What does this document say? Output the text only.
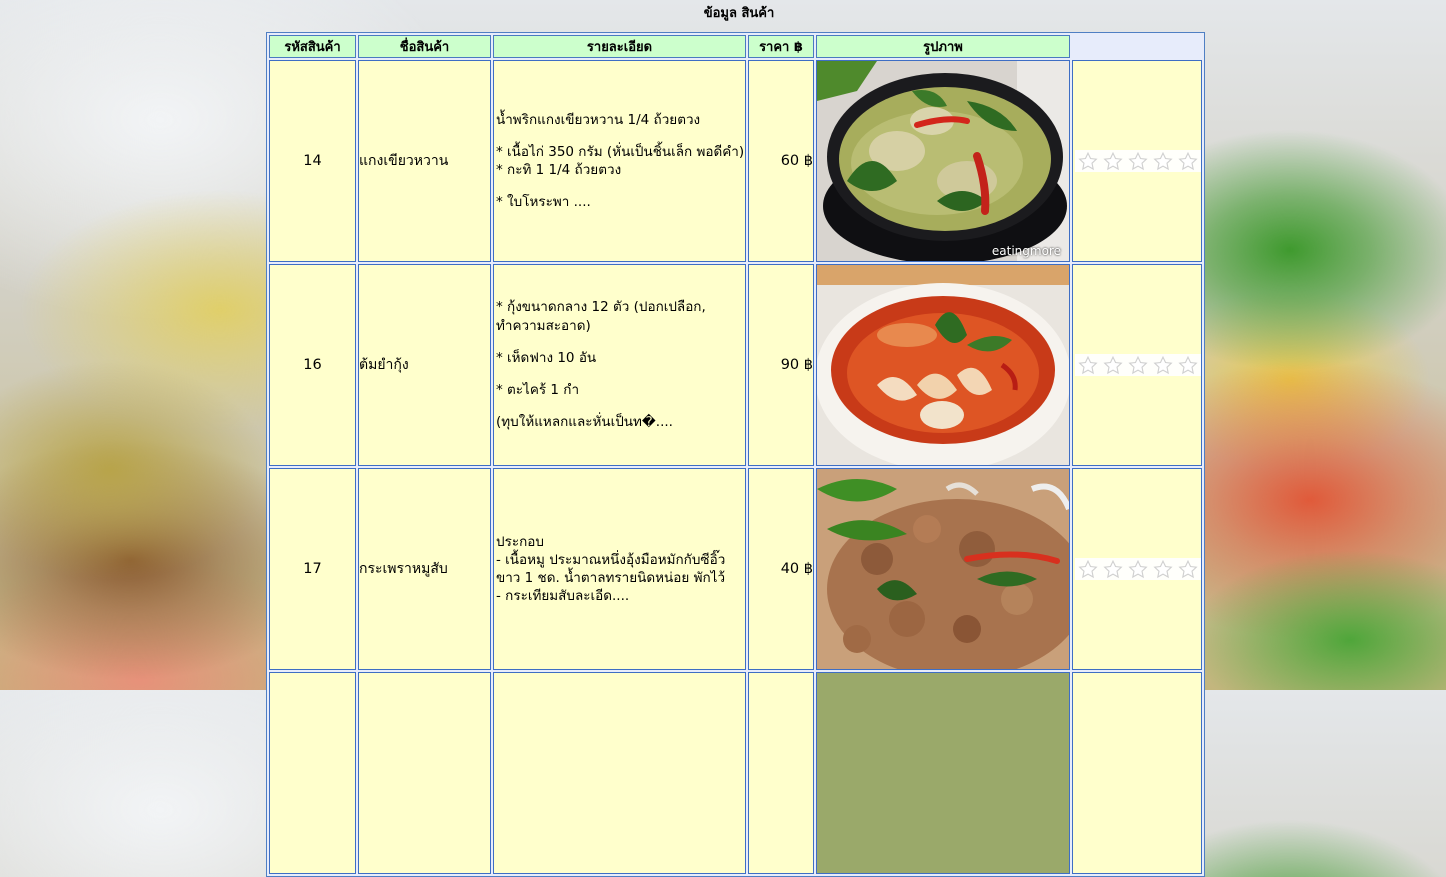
ข้อมูล สินค้า
รหัสสินค้า	ชื่อสินค้า	รายละเอียด	ราคา ฿	รูปภาพ	
14	แกงเขียวหวาน	น้ำพริกแกงเขียวหวาน 1/4 ถ้วยตวง

* เนื้อไก่ 350 กรัม (หั่นเป็นชิ้นเล็ก พอดีคำ) * กะทิ 1 1/4 ถ้วยตวง

* ใบโหระพา ....	60 ฿	eatingmore

16	ต้มยำกุ้ง	* กุ้งขนาดกลาง 12 ตัว (ปอกเปลือก, ทำความสะอาด)

* เห็ดฟาง 10 อัน

* ตะไคร้ 1 กำ

(ทุบให้แหลกและหั่นเป็นท�....	90 ฿	

17	กระเพราหมูสับ	ประกอบ

- เนื้อหมู ประมาณหนึ่งอุ้งมือหมักกับซีอิ๊วขาว 1 ชด. น้ำตาลทรายนิดหน่อย พักไว้

- กระเทียมสับละเอีด....	40 ฿	
